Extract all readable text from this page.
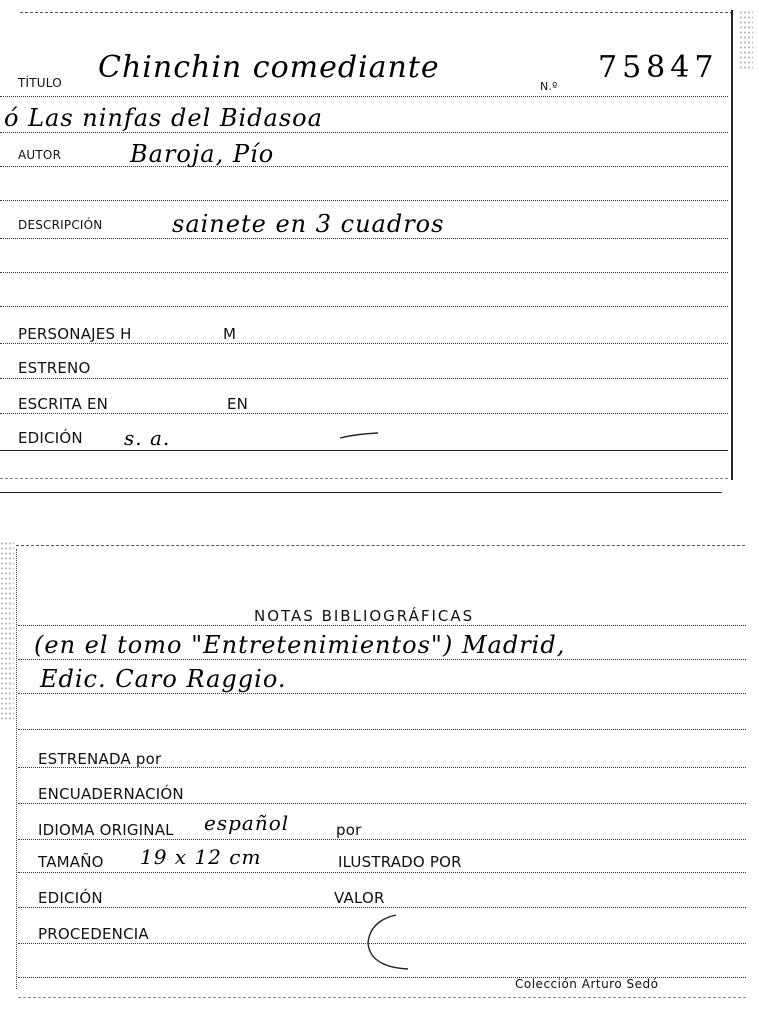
TÍTULO Chinchin comediante
N.º
75847
ó Las ninfas del Bidasoa
AUTOR	Baroja, Pío
DESCRIPCIÓN	sainete en 3 cuadros
PERSONAJES H	M
ESTRENO
ESCRITA EN	EN
EDICIÓN s. a.
NOTAS BIBLIOGRÁFICAS
(en el tomo "Entretenimientos") Madrid,
Edic. Caro Raggio.
ESTRENADA por
ENCUADERNACIÓN
IDIOMA ORIGINAL español	por
TAMAÑO 19 x 12 cm	ILUSTRADO POR
EDICIÓN	VALOR
PROCEDENCIA
Colección Arturo Sedó
